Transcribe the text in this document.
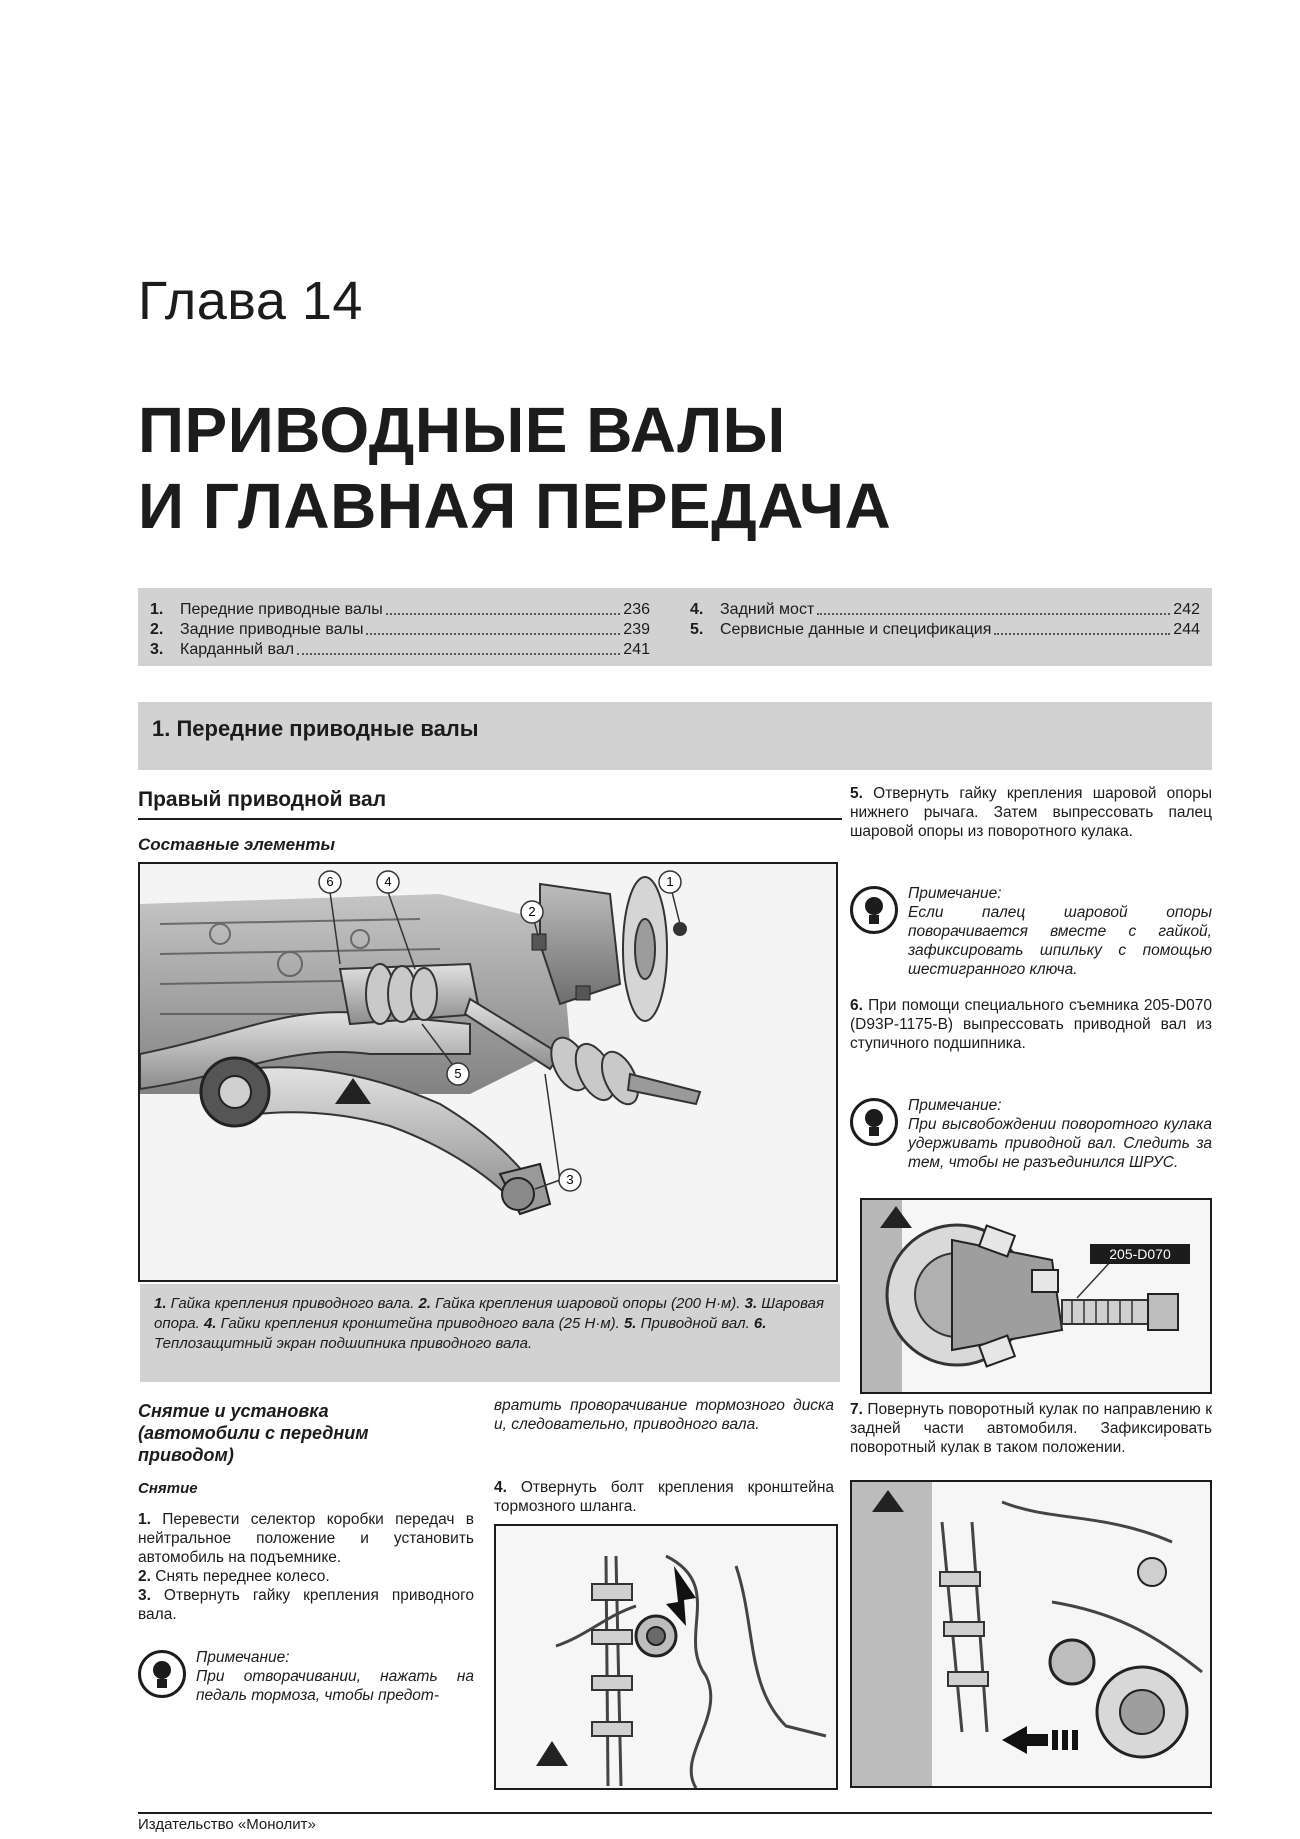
Глава 14
ПРИВОДНЫЕ ВАЛЫ
И ГЛАВНАЯ ПЕРЕДАЧА
1.	Передние приводные валы	236
2.	Задние приводные валы	239
3.	Карданный вал	241
4.	Задний мост	242
5.	Сервисные данные и спецификация	244
1. Передние приводные валы
Правый приводной вал
Составные элементы
1
2
3
4
5
6
1. Гайка крепления приводного вала. 2. Гайка крепления шаровой опоры (200 Н·м). 3. Шаровая опора. 4. Гайки крепления кронштейна приводного вала (25 Н·м). 5. Приводной вал. 6. Теплозащитный экран подшипника приводного вала.
Снятие и установка
(автомобили с передним
приводом)
Снятие
1. Перевести селектор коробки передач в нейтральное положение и установить автомобиль на подъемнике.
2. Снять переднее колесо.
3. Отвернуть гайку крепления приводного вала.
Примечание:
При отворачивании, нажать на педаль тормоза, чтобы предот-
вратить проворачивание тормозного диска и, следовательно, приводного вала.
4. Отвернуть болт крепления кронштейна тормозного шланга.
5. Отвернуть гайку крепления шаровой опоры нижнего рычага. Затем выпрессовать палец шаровой опоры из поворотного кулака.
Примечание:
Если палец шаровой опоры поворачивается вместе с гайкой, зафиксировать шпильку с помощью шестигранного ключа.
6. При помощи специального съемника 205-D070 (D93P-1175-B) выпрессовать приводной вал из ступичного подшипника.
Примечание:
При высвобождении поворотного кулака удерживать приводной вал. Следить за тем, чтобы не разъединился ШРУС.
205-D070
7. Повернуть поворотный кулак по направлению к задней части автомобиля. Зафиксировать поворотный кулак в таком положении.
Издательство «Монолит»
